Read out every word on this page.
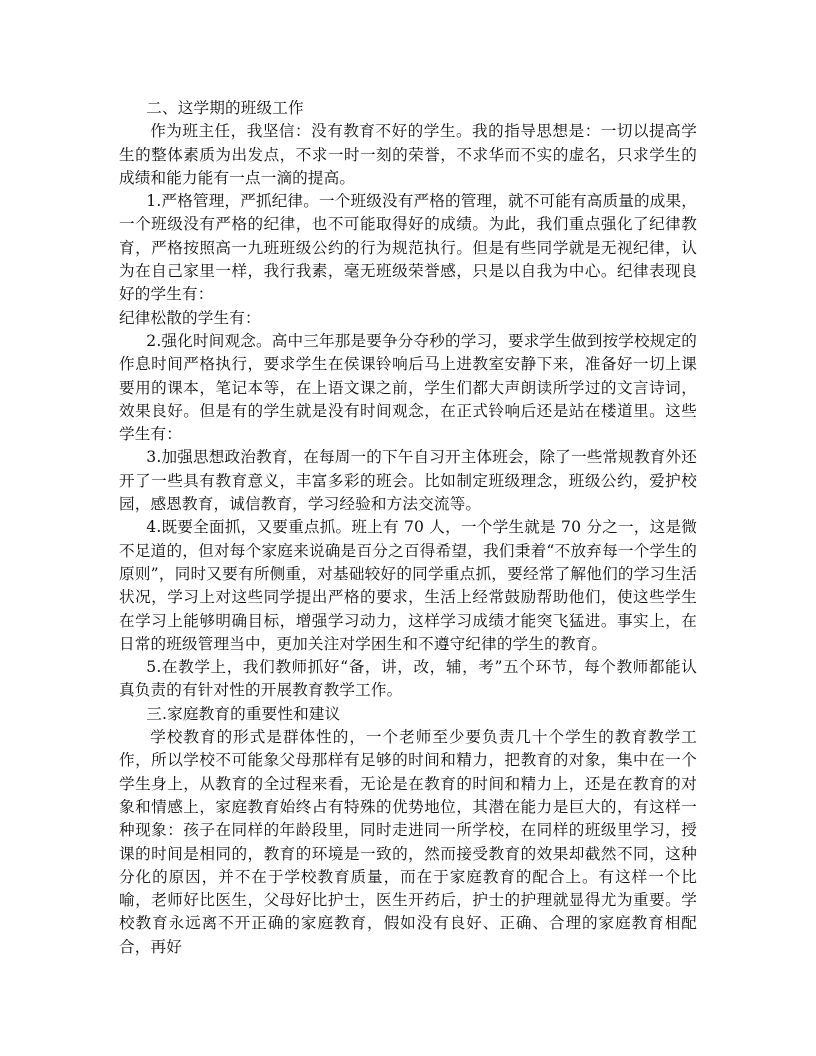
二、这学期的班级工作

作为班主任，我坚信：没有教育不好的学生。我的指导思想是：一切以提高学生的整体素质为出发点，不求一时一刻的荣誉，不求华而不实的虚名，只求学生的成绩和能力能有一点一滴的提高。

1.严格管理，严抓纪律。一个班级没有严格的管理，就不可能有高质量的成果，一个班级没有严格的纪律，也不可能取得好的成绩。为此，我们重点强化了纪律教育，严格按照高一九班班级公约的行为规范执行。但是有些同学就是无视纪律，认为在自己家里一样，我行我素，毫无班级荣誉感，只是以自我为中心。纪律表现良好的学生有：

纪律松散的学生有：

2.强化时间观念。高中三年那是要争分夺秒的学习，要求学生做到按学校规定的作息时间严格执行，要求学生在侯课铃响后马上进教室安静下来，准备好一切上课要用的课本，笔记本等，在上语文课之前，学生们都大声朗读所学过的文言诗词，效果良好。但是有的学生就是没有时间观念，在正式铃响后还是站在楼道里。这些学生有：

3.加强思想政治教育，在每周一的下午自习开主体班会，除了一些常规教育外还开了一些具有教育意义，丰富多彩的班会。比如制定班级理念，班级公约，爱护校园，感恩教育，诚信教育，学习经验和方法交流等。

4.既要全面抓，又要重点抓。班上有 70 人，一个学生就是 70 分之一，这是微不足道的，但对每个家庭来说确是百分之百得希望，我们秉着“不放弃每一个学生的原则”，同时又要有所侧重，对基础较好的同学重点抓，要经常了解他们的学习生活状况，学习上对这些同学提出严格的要求，生活上经常鼓励帮助他们，使这些学生在学习上能够明确目标，增强学习动力，这样学习成绩才能突飞猛进。事实上，在日常的班级管理当中，更加关注对学困生和不遵守纪律的学生的教育。

5.在教学上，我们教师抓好“备，讲，改，辅，考”五个环节，每个教师都能认真负责的有针对性的开展教育教学工作。

三.家庭教育的重要性和建议

学校教育的形式是群体性的，一个老师至少要负责几十个学生的教育教学工作，所以学校不可能象父母那样有足够的时间和精力，把教育的对象，集中在一个学生身上，从教育的全过程来看，无论是在教育的时间和精力上，还是在教育的对象和情感上，家庭教育始终占有特殊的优势地位，其潜在能力是巨大的，有这样一种现象：孩子在同样的年龄段里，同时走进同一所学校，在同样的班级里学习，授课的时间是相同的，教育的环境是一致的，然而接受教育的效果却截然不同，这种分化的原因，并不在于学校教育质量，而在于家庭教育的配合上。有这样一个比喻，老师好比医生，父母好比护士，医生开药后，护士的护理就显得尤为重要。学校教育永远离不开正确的家庭教育，假如没有良好、正确、合理的家庭教育相配合，再好
